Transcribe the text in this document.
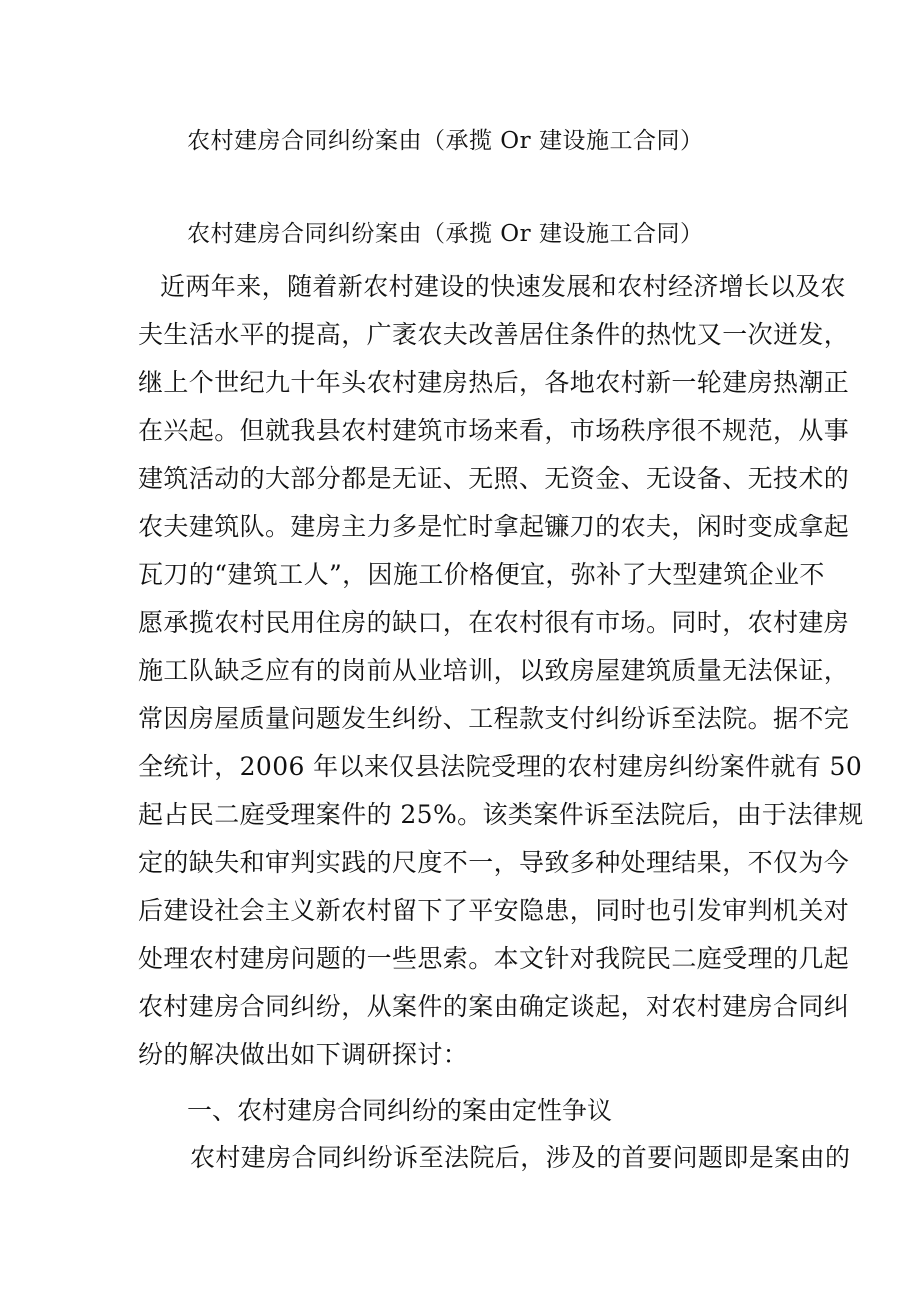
农村建房合同纠纷案由（承揽 Or 建设施工合同）
农村建房合同纠纷案由（承揽 Or 建设施工合同）
近两年来，随着新农村建设的快速发展和农村经济增长以及农
夫生活水平的提高，广袤农夫改善居住条件的热忱又一次迸发，
继上个世纪九十年头农村建房热后，各地农村新一轮建房热潮正
在兴起。但就我县农村建筑市场来看，市场秩序很不规范，从事
建筑活动的大部分都是无证、无照、无资金、无设备、无技术的
农夫建筑队。建房主力多是忙时拿起镰刀的农夫，闲时变成拿起
瓦刀的“建筑工人”，因施工价格便宜，弥补了大型建筑企业不
愿承揽农村民用住房的缺口，在农村很有市场。同时，农村建房
施工队缺乏应有的岗前从业培训，以致房屋建筑质量无法保证，
常因房屋质量问题发生纠纷、工程款支付纠纷诉至法院。据不完
全统计，2006 年以来仅县法院受理的农村建房纠纷案件就有 50
起占民二庭受理案件的 25%。该类案件诉至法院后，由于法律规
定的缺失和审判实践的尺度不一，导致多种处理结果，不仅为今
后建设社会主义新农村留下了平安隐患，同时也引发审判机关对
处理农村建房问题的一些思索。本文针对我院民二庭受理的几起
农村建房合同纠纷，从案件的案由确定谈起，对农村建房合同纠
纷的解决做出如下调研探讨：
一、农村建房合同纠纷的案由定性争议
农村建房合同纠纷诉至法院后，涉及的首要问题即是案由的
